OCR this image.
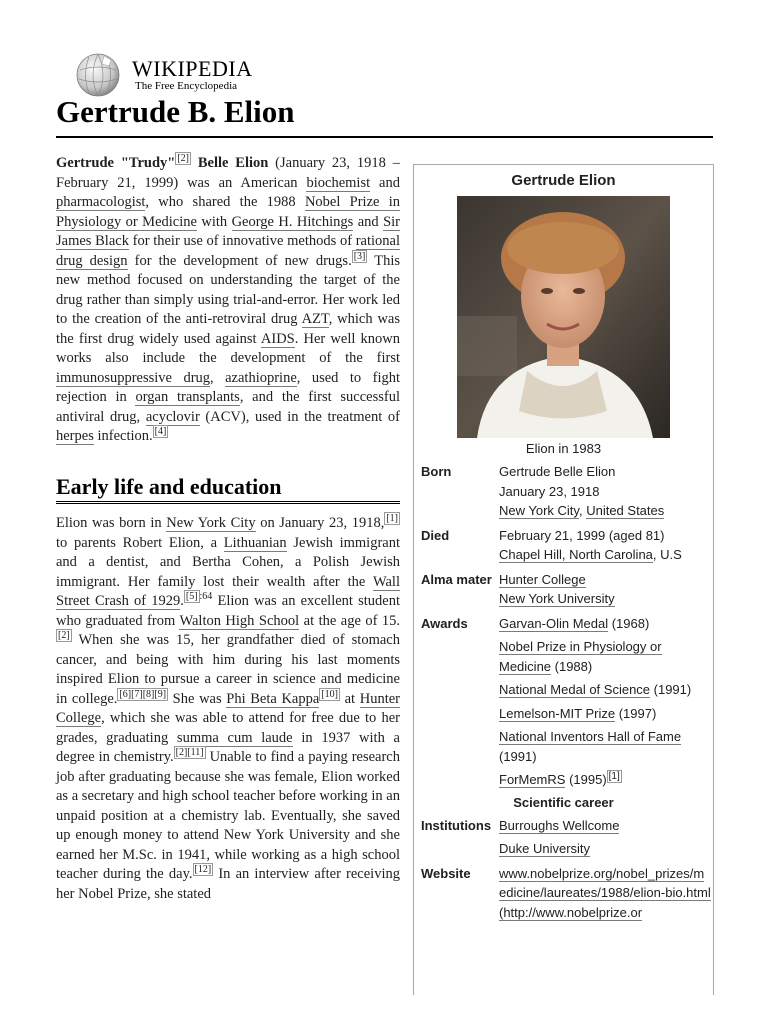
WIKIPEDIA
The Free Encyclopedia
Gertrude B. Elion

Gertrude "Trudy" [2] Belle Elion (January 23, 1918 – February 21, 1999) was an American biochemist and pharmacologist, who shared the 1988 Nobel Prize in Physiology or Medicine with George H. Hitchings and Sir James Black for their use of innovative methods of rational drug design for the development of new drugs. [3] This new method focused on understanding the target of the drug rather than simply using trial-and-error. Her work led to the creation of the anti-retroviral drug AZT, which was the first drug widely used against AIDS. Her well known works also include the development of the first immunosuppressive drug, azathioprine, used to fight rejection in organ transplants, and the first successful antiviral drug, acyclovir (ACV), used in the treatment of herpes infection. [4]

Early life and education

Elion was born in New York City on January 23, 1918, [1] to parents Robert Elion, a Lithuanian Jewish immigrant and a dentist, and Bertha Cohen, a Polish Jewish immigrant. Her family lost their wealth after the Wall Street Crash of 1929. $^{[5] :64}$ Elion was an excellent student who graduated from Walton High School at the age of 15.[2] When she was 15, her grandfather died of stomach cancer, and being with him during his last moments inspired Elion to pursue a career in science and medicine in college. [6][7][8][9] She was Phi Beta Kappa [10] at Hunter College, which she was able to attend for free due to her grades, graduating summa cum laude in 1937 with a degree in chemistry. [2][11] Unable to find a paying research job after graduating because she was female, Elion worked as a secretary and high school teacher before working in an unpaid position at a chemistry lab. Eventually, she saved up enough money to attend New York University and she earned her M.Sc. in 1941, while working as a high school teacher during the day. [12] In an interview after receiving her Nobel Prize, she stated

Gertrude Elion
Elion in 1983
Born	Gertrude Belle Elion
January 23, 1918
New York City, United States
Died	February 21, 1999 (aged 81)
Chapel Hill, North Carolina, U.S
Alma mater Hunter College
New York University
Awards	Garvan-Olin Medal (1968)
Nobel Prize in Physiology or Medicine (1988)
National Medal of Science (1991)
Lemelson-MIT Prize (1997)
National Inventors Hall of Fame (1991)
ForMemRS (1995) [1]
Scientific career
Institutions Burroughs Wellcome
Duke University
Website	www.nobelprize.org/nobel_prizes/medicine/laureates/1988/elion-bio.html (http://www.nobelprize.or
